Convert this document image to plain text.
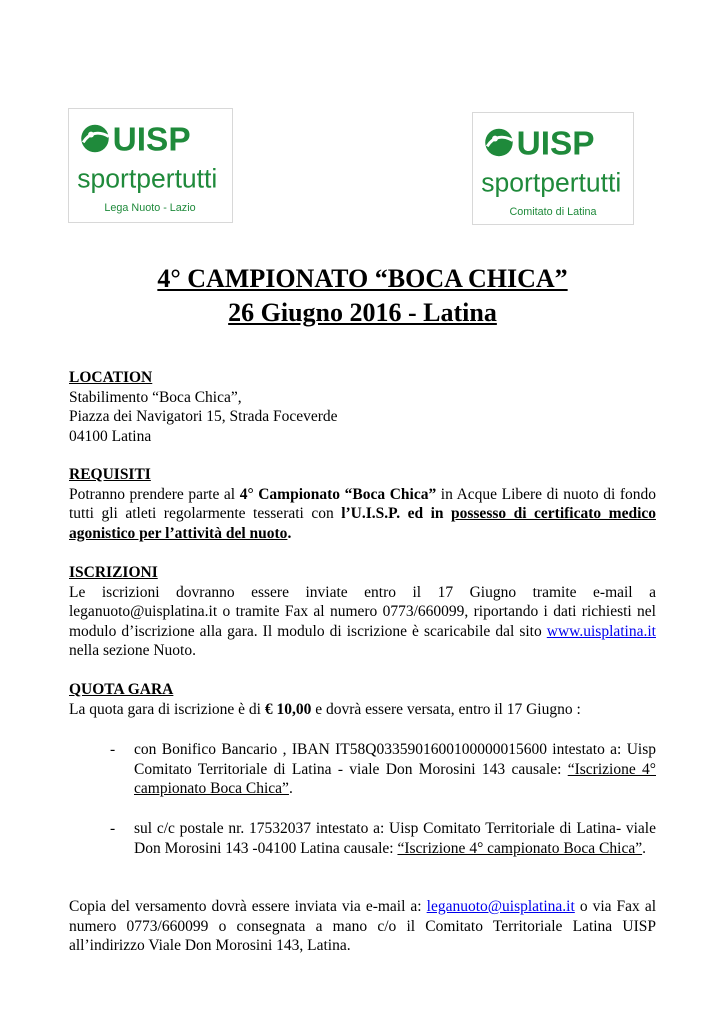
UISP
sportpertutti
Lega Nuoto - Lazio
UISP
sportpertutti
Comitato di Latina
4° CAMPIONATO “BOCA CHICA”
26 Giugno 2016 - Latina

LOCATION

Stabilimento “Boca Chica”,

Piazza dei Navigatori 15, Strada Foceverde

04100 Latina

REQUISITI

Potranno prendere parte al 4° Campionato “Boca Chica” in Acque Libere di nuoto di fondo tutti gli atleti regolarmente tesserati con l’U.I.S.P. ed in possesso di certificato medico agonistico per l’attività del nuoto.

ISCRIZIONI

Le iscrizioni dovranno essere inviate entro il 17 Giugno tramite e-mail a leganuoto@uisplatina.it o tramite Fax al numero 0773/660099, riportando i dati richiesti nel modulo d’iscrizione alla gara. Il modulo di iscrizione è scaricabile dal sito www.uisplatina.it nella sezione Nuoto.

QUOTA GARA

La quota gara di iscrizione è di € 10,00 e dovrà essere versata, entro il 17 Giugno :

- con Bonifico Bancario , IBAN IT58Q0335901600100000015600 intestato a: Uisp Comitato Territoriale di Latina - viale Don Morosini 143 causale: “Iscrizione 4° campionato Boca Chica”.
- sul c/c postale nr. 17532037 intestato a: Uisp Comitato Territoriale di Latina- viale Don Morosini 143 -04100 Latina causale: “Iscrizione 4° campionato Boca Chica”.

Copia del versamento dovrà essere inviata via e-mail a: leganuoto@uisplatina.it o via Fax al numero 0773/660099 o consegnata a mano c/o il Comitato Territoriale Latina UISP all’indirizzo Viale Don Morosini 143, Latina.
